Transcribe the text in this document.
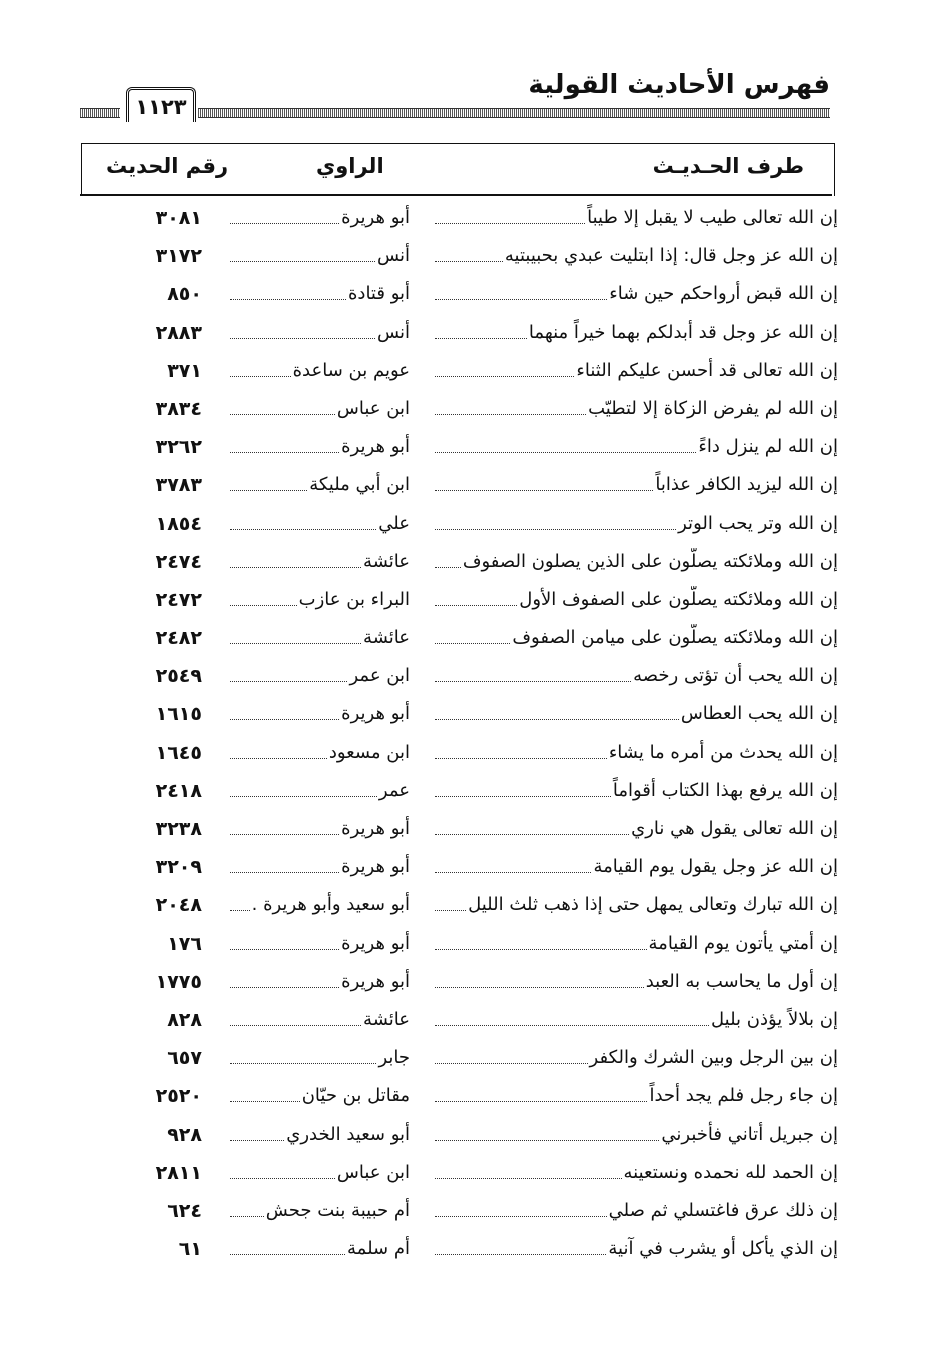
١١٢٣
فهرس الأحاديث القولية
طرف الحـديـث
الراوي
رقم الحديث
إن الله تعالى طيب لا يقبل إلا طيباً
أبو هريرة
٣٠٨١
إن الله عز وجل قال: إذا ابتليت عبدي بحبيبتيه
أنس
٣١٧٢
إن الله قبض أرواحكم حين شاء
أبو قتادة
٨٥٠
إن الله عز وجل قد أبدلكم بهما خيراً منهما
أنس
٢٨٨٣
إن الله تعالى قد أحسن عليكم الثناء
عويم بن ساعدة
٣٧١
إن الله لم يفرض الزكاة إلا لتطيّب
ابن عباس
٣٨٣٤
إن الله لم ينزل داءً
أبو هريرة
٣٢٦٢
إن الله ليزيد الكافر عذاباً
ابن أبي مليكة
٣٧٨٣
إن الله وتر يحب الوتر
علي
١٨٥٤
إن الله وملائكته يصلّون على الذين يصلون الصفوف
عائشة
٢٤٧٤
إن الله وملائكته يصلّون على الصفوف الأول
البراء بن عازب
٢٤٧٢
إن الله وملائكته يصلّون على ميامن الصفوف
عائشة
٢٤٨٢
إن الله يحب أن تؤتى رخصه
ابن عمر
٢٥٤٩
إن الله يحب العطاس
أبو هريرة
١٦١٥
إن الله يحدث من أمره ما يشاء
ابن مسعود
١٦٤٥
إن الله يرفع بهذا الكتاب أقواماً
عمر
٢٤١٨
إن الله تعالى يقول هي ناري
أبو هريرة
٣٢٣٨
إن الله عز وجل يقول يوم القيامة
أبو هريرة
٣٢٠٩
إن الله تبارك وتعالى يمهل حتى إذا ذهب ثلث الليل
أبو سعيد وأبو هريرة .
٢٠٤٨
إن أمتي يأتون يوم القيامة
أبو هريرة
١٧٦
إن أول ما يحاسب به العبد
أبو هريرة
١٧٧٥
إن بلالاً يؤذن بليل
عائشة
٨٢٨
إن بين الرجل وبين الشرك والكفر
جابر
٦٥٧
إن جاء رجل فلم يجد أحداً
مقاتل بن حيّان
٢٥٢٠
إن جبريل أتاني فأخبرني
أبو سعيد الخدري
٩٢٨
إن الحمد لله نحمده ونستعينه
ابن عباس
٢٨١١
إن ذلك عرق فاغتسلي ثم صلي
أم حبيبة بنت جحش
٦٢٤
إن الذي يأكل أو يشرب في آنية
أم سلمة
٦١
